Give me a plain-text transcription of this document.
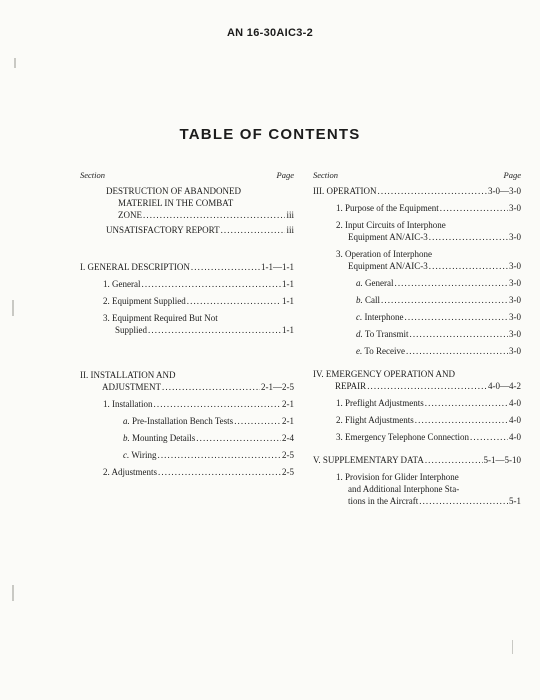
AN 16-30AIC3-2
TABLE OF CONTENTS
Section	Page
DESTRUCTION OF ABANDONED
MATERIEL IN THE COMBAT
ZONE .....	iii
UNSATISFACTORY REPORT .....	iii
I. GENERAL DESCRIPTION .....	1-1—1-1
1. General .....	1-1
2. Equipment Supplied .....	1-1
3. Equipment Required But Not
Supplied .....	1-1
II. INSTALLATION AND
ADJUSTMENT .....	2-1—2-5
1. Installation .....	2-1
a. Pre-Installation Bench Tests .....	2-1
b. Mounting Details .....	2-4
c. Wiring .....	2-5
2. Adjustments .....	2-5
Section	Page
III. OPERATION .....	3-0—3-0
1. Purpose of the Equipment .....	3-0
2. Input Circuits of Interphone
Equipment AN/AIC-3 .....	3-0
3. Operation of Interphone
Equipment AN/AIC-3 .....	3-0
a. General .....	3-0
b. Call .....	3-0
c. Interphone .....	3-0
d. To Transmit .....	3-0
e. To Receive .....	3-0
IV. EMERGENCY OPERATION AND
REPAIR .....	4-0—4-2
1. Preflight Adjustments .....	4-0
2. Flight Adjustments .....	4-0
3. Emergency Telephone Connection .....	4-0
V. SUPPLEMENTARY DATA .....	5-1—5-10
1. Provision for Glider Interphone
and Additional Interphone Sta-
tions in the Aircraft .....	5-1
